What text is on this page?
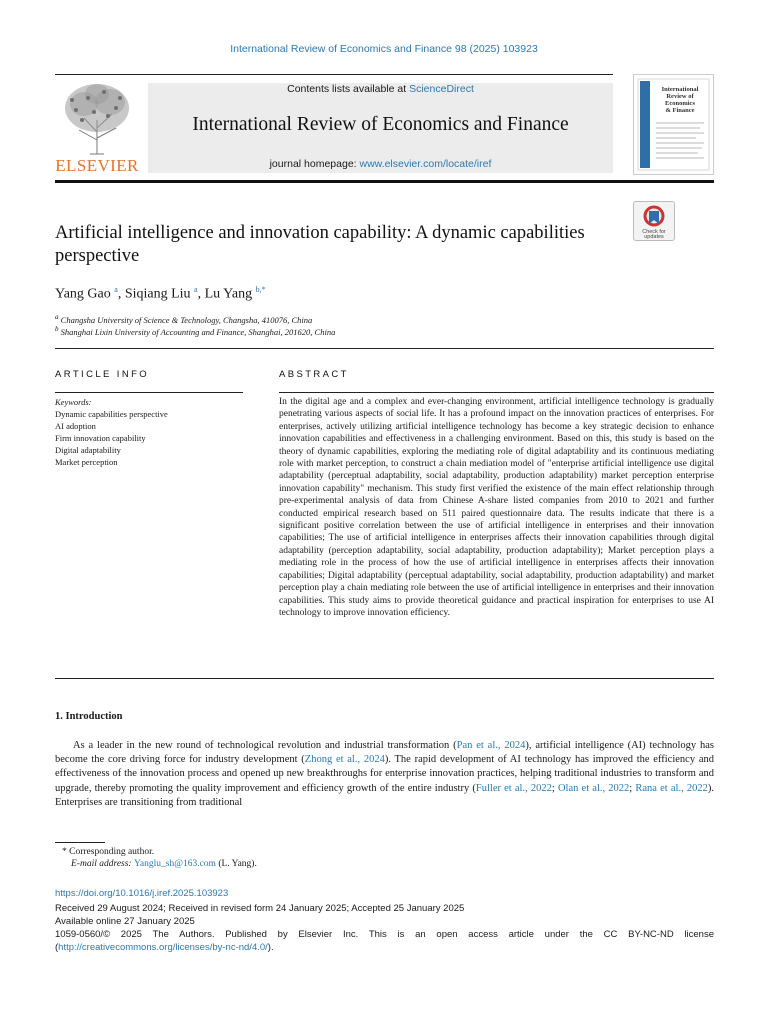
International Review of Economics and Finance 98 (2025) 103923
ELSEVIER
Contents lists available at ScienceDirect
International Review of Economics and Finance
journal homepage: www.elsevier.com/locate/iref
International
Review of
Economics
& Finance
Artificial intelligence and innovation capability: A dynamic capabilities perspective
Check for
updates
Yang Gao $^a$, Siqiang Liu $^a$, Lu Yang $^{b,*}$
$^a$ Changsha University of Science & Technology, Changsha, 410076, China
$^b$ Shanghai Lixin University of Accounting and Finance, Shanghai, 201620, China
ARTICLE INFO	ABSTRACT
Keywords:
Dynamic capabilities perspective
AI adoption
Firm innovation capability
Digital adaptability
Market perception
In the digital age and a complex and ever-changing environment, artificial intelligence technology is gradually penetrating various aspects of social life. It has a profound impact on the innovation practices of enterprises. For enterprises, actively utilizing artificial intelligence technology has become a key strategic decision to enhance innovation capabilities and effectiveness in a challenging environment. Based on this, this study is based on the theory of dynamic capabilities, exploring the mediating role of digital adaptability and its continuous mediating role with market perception, to construct a chain mediation model of "enterprise artificial intelligence use digital adaptability (perceptual adaptability, social adaptability, production adaptability) market perception enterprise innovation capability" mechanism. This study first verified the existence of the main effect relationship through pre-experimental analysis of data from Chinese A-share listed companies from 2010 to 2021 and further conducted empirical research based on 511 paired questionnaire data. The results indicate that there is a significant positive correlation between the use of artificial intelligence in enterprises and their innovation capabilities; The use of artificial intelligence in enterprises affects their innovation capabilities through digital adaptability (perception adaptability, social adaptability, production adaptability); Market perception plays a mediating role in the process of how the use of artificial intelligence in enterprises affects their innovation capabilities; Digital adaptability (perceptual adaptability, social adaptability, production adaptability) and market perception play a chain mediating role between the use of artificial intelligence in enterprises and their innovation capabilities. This study aims to provide theoretical guidance and practical inspiration for enterprises to use AI technology to improve innovation efficiency.
1. Introduction
As a leader in the new round of technological revolution and industrial transformation (Pan et al., 2024), artificial intelligence (AI) technology has become the core driving force for industry development (Zhong et al., 2024). The rapid development of AI technology has improved the efficiency and effectiveness of the innovation process and opened up new breakthroughs for enterprise innovation practices, helping traditional industries to transform and upgrade, thereby promoting the quality improvement and efficiency growth of the entire industry (Fuller et al., 2022; Olan et al., 2022; Rana et al., 2022). Enterprises are transitioning from traditional
* Corresponding author.
E-mail address: Yanglu_sh@163.com (L. Yang).
https://doi.org/10.1016/j.iref.2025.103923
Received 29 August 2024; Received in revised form 24 January 2025; Accepted 25 January 2025
Available online 27 January 2025
1059-0560/© 2025 The Authors. Published by Elsevier Inc. This is an open access article under the CC BY-NC-ND license (http://creativecommons.org/licenses/by-nc-nd/4.0/).
